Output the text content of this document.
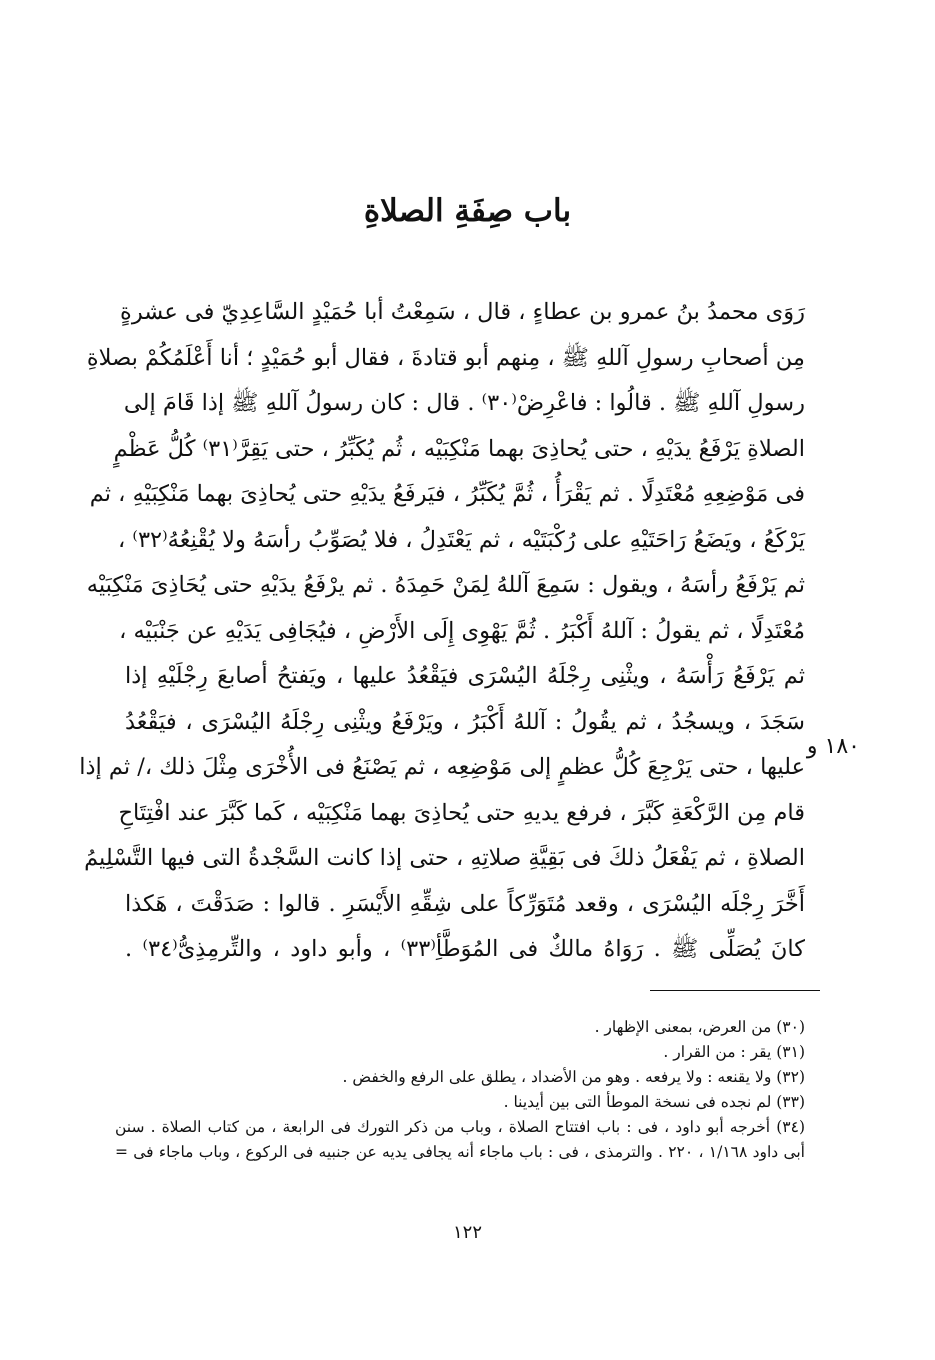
باب صِفَةِ الصلاةِ
رَوَى محمدُ بنُ عمرو بن عطاءٍ ، قال ، سَمِعْتُ أبا حُمَيْدٍ السَّاعِدِيّ فى عشرةٍ
مِن أصحابِ رسولِ آللهِ ﷺ ، مِنهم أبو قتادةَ ، فقال أبو حُمَيْدٍ ؛ أنا أَعْلَمُكُمْ بصلاةِ
رسولِ آللهِ ﷺ . قالُوا : فاعْرِضْ⁽٣٠⁾ . قال : كان رسولُ آللهِ ﷺ إذا قَامَ إلى
الصلاةِ يَرْفَعُ يدَيْهِ ، حتى يُحاذِىَ بهما مَنْكِبَيْه ، ثُم يُكَبِّرُ ، حتى يَقِرَّ⁽٣١⁾ كُلُّ عَظْمٍ
فى مَوْضِعِهِ مُعْتَدِلًا . ثم يَقْرَأُ ، ثُمَّ يُكَبِّرُ ، فيَرفَعُ يدَيْهِ حتى يُحاذِىَ بهما مَنْكِبَيْهِ ، ثم
يَرْكَعُ ، ويَضَعُ رَاحَتَيْهِ على رُكْبَتَيْه ، ثم يَعْتَدِلُ ، فلا يُصَوِّبُ رأسَهُ ولا يُقْنِعُهُ⁽٣٢⁾ ،
ثم يَرْفَعُ رأسَهُ ، ويقول : سَمِعَ آللهُ لِمَنْ حَمِدَهُ . ثم يرْفَعُ يدَيْهِ حتى يُحَاذِىَ مَنْكِبَيْه
مُعْتَدِلًا ، ثم يقولُ : آللهُ أَكْبَرُ . ثُمَّ يَهْوِى إِلَى الأَرْضِ ، فيُجَافِى يَدَيْهِ عن جَنْبَيْه ،
ثم يَرْفَعُ رَأْسَهُ ، ويثْنِى رِجْلَهُ اليُسْرَى فيَقْعُدُ عليها ، ويَفتحُ أصابعَ رِجْلَيْهِ إذا
سَجَدَ ، ويسجُدُ ، ثم يقُولُ : آللهُ أَكْبَرُ ، ويَرْفَعُ ويثْنِى رِجْلَهُ اليُسْرَى ، فيَقْعُدُ
عليها ، حتى يَرْجِعَ كُلُّ عظمٍ إلى مَوْضِعِه ، ثم يَصْنَعُ فى الأُخْرَى مِثْلَ ذلك ،/ ثم إذا
قام مِن الرَّكْعَةِ كَبَّرَ ، فرفع يديهِ حتى يُحاذِىَ بهما مَنْكِبَيْه ، كَما كَبَّرَ عند افْتِتَاحِ
الصلاةِ ، ثم يَفْعَلُ ذلكَ فى بَقِيَّةِ صلاتِهِ ، حتى إذا كانت السَّجْدةُ التى فيها التَّسْلِيمُ
أَخَّرَ رِجْلَه اليُسْرَى ، وقعد مُتَوَرِّكاً على شِقِّهِ الأَيْسَرِ . قالوا : صَدَقْتَ ، هَكذا
كانَ يُصَلِّى ﷺ . رَوَاهُ مالكٌ فى المُوَطَّأِ⁽٣٣⁾ ، وأبو داود ، والتِّرمِذِىُّ⁽٣٤⁾ .
١٨٠ و
(٣٠) من العرض، بمعنى الإظهار .
(٣١) يقر : من القرار .
(٣٢) ولا يقنعه : ولا يرفعه . وهو من الأضداد ، يطلق على الرفع والخفض .
(٣٣) لم نجده فى نسخة الموطأ التى بين أيدينا .
(٣٤) أخرجه أبو داود ، فى : باب افتتاح الصلاة ، وباب من ذكر التورك فى الرابعة ، من كتاب الصلاة . سنن
أبى داود ١/١٦٨ ، ٢٢٠ . والترمذى ، فى : باب ماجاء أنه يجافى يديه عن جنبيه فى الركوع ، وباب ماجاء فى =
١٢٢
